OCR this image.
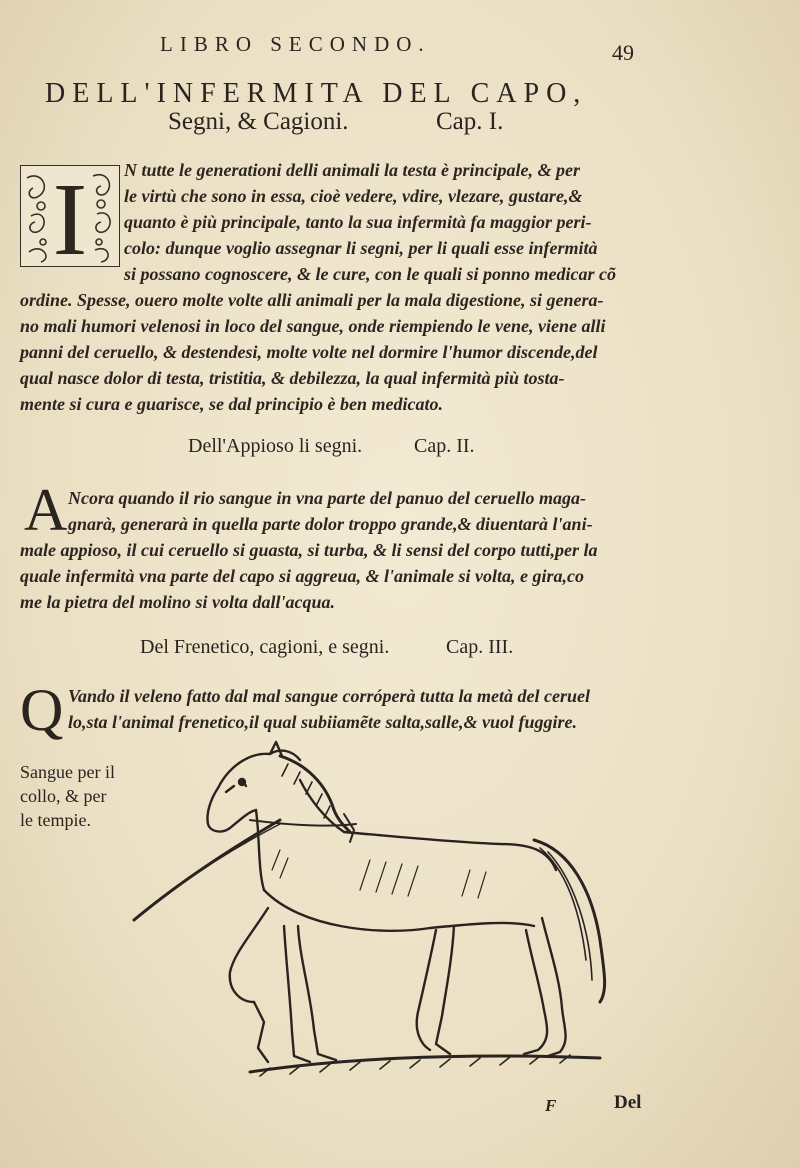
LIBRO SECONDO.	49
DELL'INFERMITA DEL CAPO,
Segni, & Cagioni.	Cap. I.
I	N tutte le generationi delli animali la testa è principale, & per
le virtù che sono in essa, cioè vedere, vdire, vlezare, gustare,&
quanto è più principale, tanto la sua infermità fa maggior peri-
colo: dunque voglio assegnar li segni, per li quali esse infermità
si possano cognoscere, & le cure, con le quali si ponno medicar cõ
ordine. Spesse, ouero molte volte alli animali per la mala digestione, si genera-
no mali humori velenosi in loco del sangue, onde riempiendo le vene, viene alli
panni del ceruello, & destendesi, molte volte nel dormire l'humor discende,del
qual nasce dolor di testa, tristitia, & debilezza, la qual infermità più tosta-
mente si cura e guarisce, se dal principio è ben medicato.
Dell'Appioso li segni.	Cap. II.
A Ncora quando il rio sangue in vna parte del panuo del ceruello maga-
gnarà, generarà in quella parte dolor troppo grande,& diuentarà l'ani-
male appioso, il cui ceruello si guasta, si turba, & li sensi del corpo tutti,per la
quale infermità vna parte del capo si aggreua, & l'animale si volta, e gira,co
me la pietra del molino si volta dall'acqua.
Del Frenetico, cagioni, e segni.	Cap. III.
Q Vando il veleno fatto dal mal sangue corróperà tutta la metà del ceruel
lo,sta l'animal frenetico,il qual subiiamẽte salta,salle,& vuol fuggire.
Sangue per il
collo, & per
le tempie.
F	Del
